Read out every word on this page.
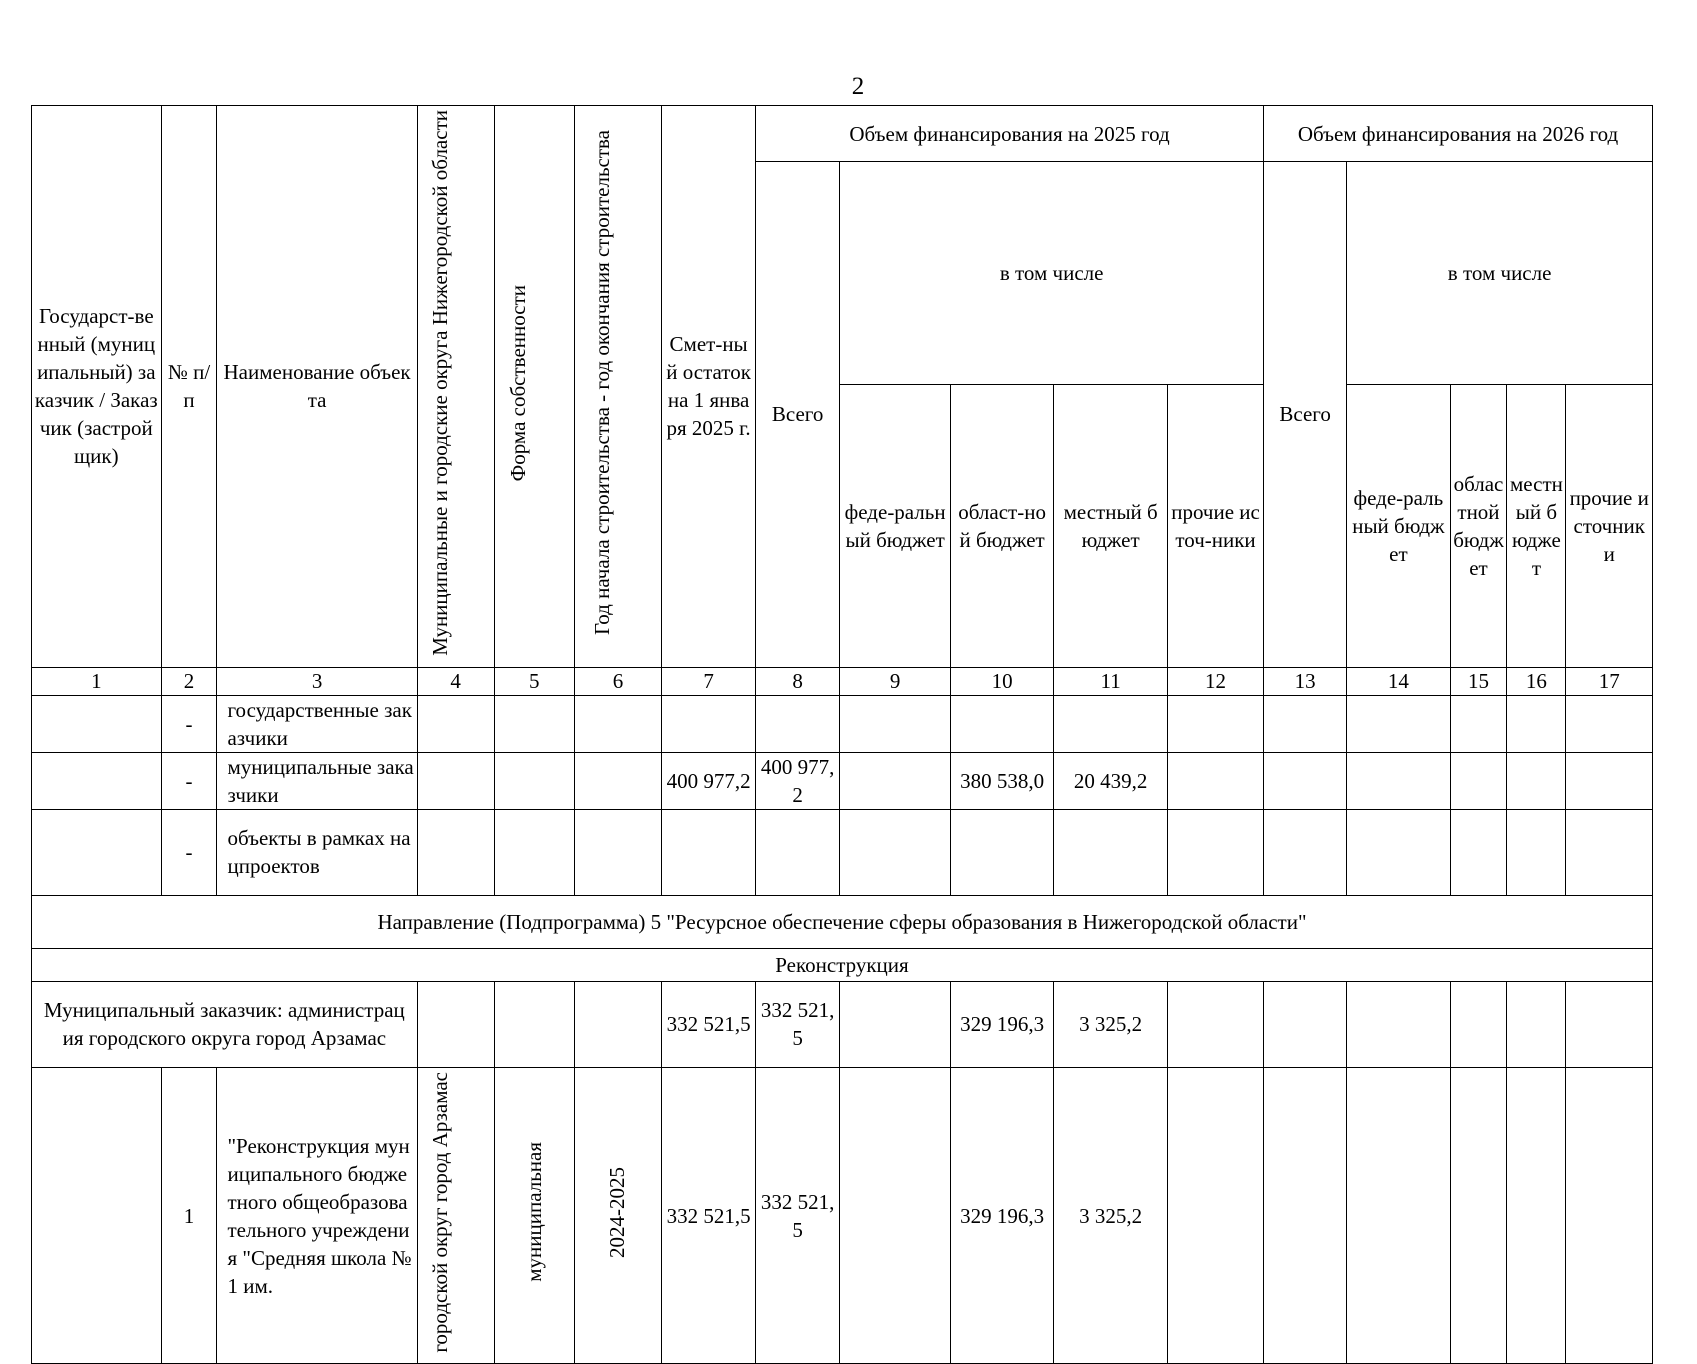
2
Государст-венный (муниципальный) заказчик / Заказчик (застройщик)	№ п/п	Наименование объекта	Муниципальные и городские округа Нижегородской области	Форма собственности	Год начала строительства - год окончания строительства	Смет-ный остаток на 1 января 2025 г.	Объем финансирования на 2025 год					Объем финансирования на 2026 год				
							Всего	в том числе				Всего	в том числе			
								феде-ральный бюджет	област-ной бюджет	местный бюджет	прочие источ-ники		феде-ральный бюджет	областной бюджет	местный бюджет	прочие источники
1	2	3	4	5	6	7	8	9	10	11	12	13	14	15	16	17
	-	государственные заказчики														
	-	муниципальные заказчики				400 977,2	400 977,2		380 538,0	20 439,2						
	-	объекты в рамках нацпроектов														
Направление (Подпрограмма) 5 "Ресурсное обеспечение сферы образования в Нижегородской области"																
Реконструкция																
Муниципальный заказчик: администрация городского округа город Арзамас						332 521,5	332 521,5		329 196,3	3 325,2						
	1	"Реконструкция муниципального бюджетного общеобразовательного учреждения "Средняя школа № 1 им.	городской округ город Арзамас	муниципальная	2024-2025	332 521,5	332 521,5		329 196,3	3 325,2						
